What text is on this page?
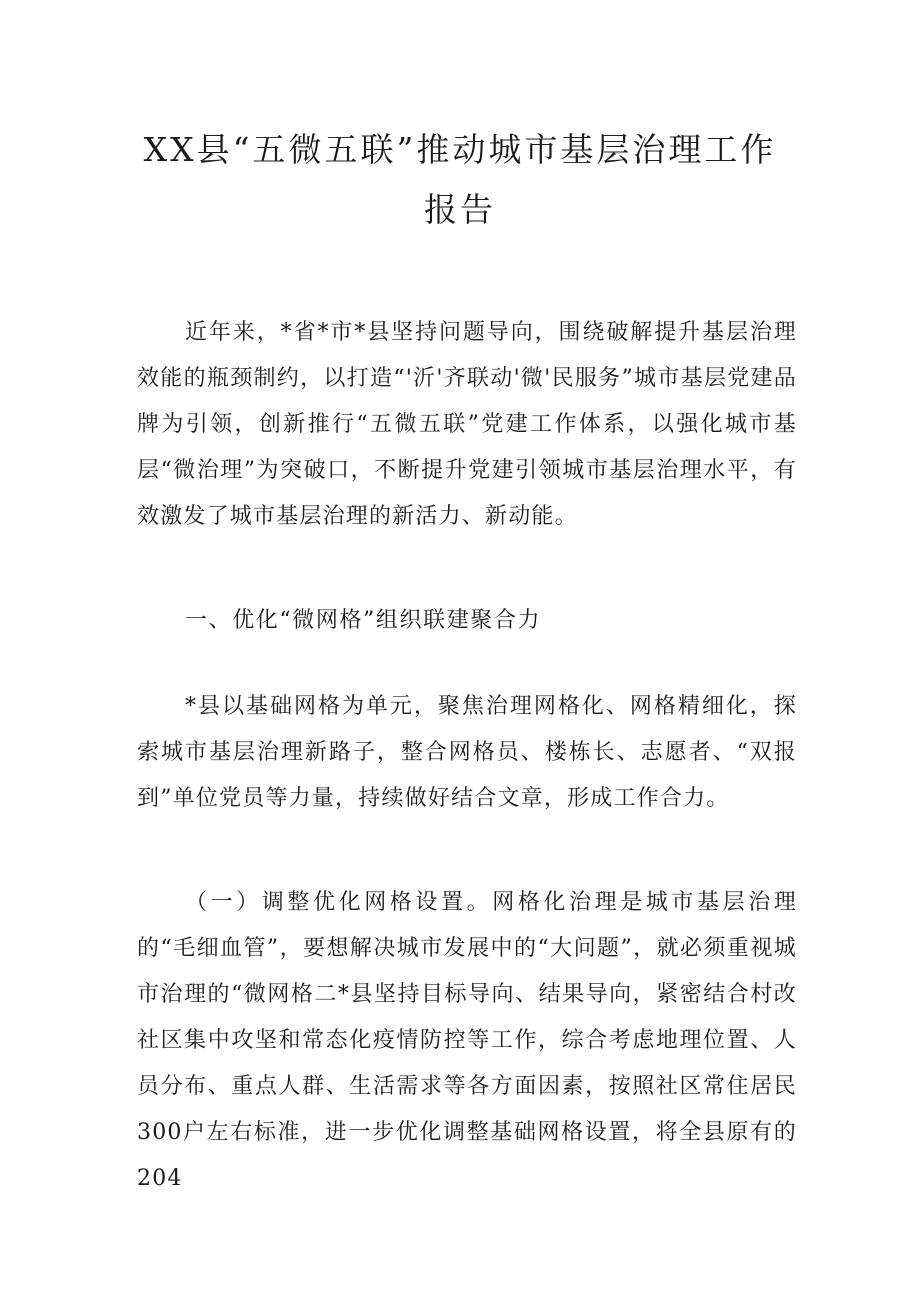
XX县“五微五联”推动城市基层治理工作
报告

近年来，*省*市*县坚持问题导向，围绕破解提升基层治理效能的瓶颈制约，以打造“'沂'齐联动'微'民服务”城市基层党建品牌为引领，创新推行“五微五联”党建工作体系，以强化城市基层“微治理”为突破口，不断提升党建引领城市基层治理水平，有效激发了城市基层治理的新活力、新动能。

一、优化“微网格”组织联建聚合力

*县以基础网格为单元，聚焦治理网格化、网格精细化，探索城市基层治理新路子，整合网格员、楼栋长、志愿者、“双报到”单位党员等力量，持续做好结合文章，形成工作合力。

（一）调整优化网格设置。网格化治理是城市基层治理的“毛细血管”，要想解决城市发展中的“大问题”，就必须重视城市治理的“微网格二*县坚持目标导向、结果导向，紧密结合村改社区集中攻坚和常态化疫情防控等工作，综合考虑地理位置、人员分布、重点人群、生活需求等各方面因素，按照社区常住居民300户左右标准，进一步优化调整基础网格设置，将全县原有的204
